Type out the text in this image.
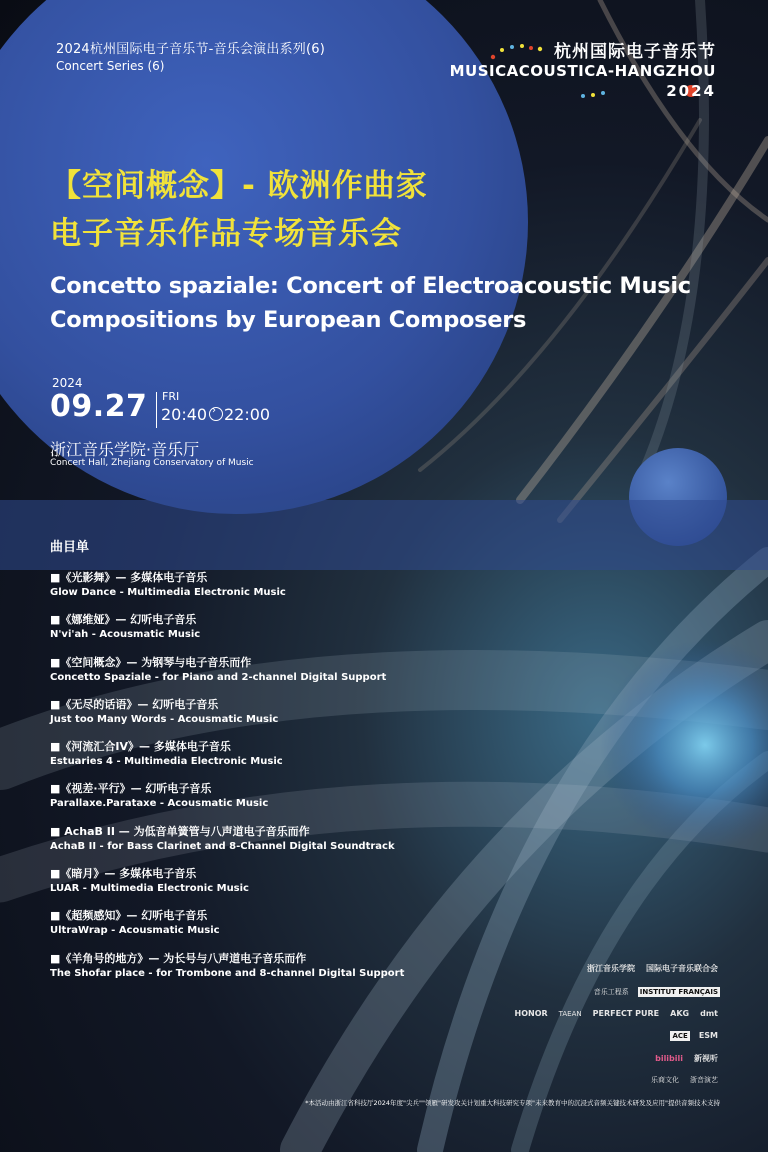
2024杭州国际电子音乐节-音乐会演出系列(6)
Concert Series (6)
杭州国际电子音乐节
MUSICACOUSTICA-HANGZHOU
2024
【空间概念】- 欧洲作曲家
电子音乐作品专场音乐会
Concetto spaziale: Concert of Electroacoustic Music
Compositions by European Composers
2024
09.27 FRI
20:40 › 22:00
浙江音乐学院·音乐厅
Concert Hall, Zhejiang Conservatory of Music
曲目单
■《光影舞》— 多媒体电子音乐
Glow Dance - Multimedia Electronic Music
■《娜维娅》— 幻听电子音乐
N'vi'ah - Acousmatic Music
■《空间概念》— 为钢琴与电子音乐而作
Concetto Spaziale - for Piano and 2-channel Digital Support
■《无尽的话语》— 幻听电子音乐
Just too Many Words - Acousmatic Music
■《河流汇合IV》— 多媒体电子音乐
Estuaries 4 - Multimedia Electronic Music
■《视差·平行》— 幻听电子音乐
Parallaxe.Parataxe - Acousmatic Music
■ AchaB II — 为低音单簧管与八声道电子音乐而作
AchaB II - for Bass Clarinet and 8-Channel Digital Soundtrack
■《暗月》— 多媒体电子音乐
LUAR - Multimedia Electronic Music
■《超频感知》— 幻听电子音乐
UltraWrap - Acousmatic Music
■《羊角号的地方》— 为长号与八声道电子音乐而作
The Shofar place - for Trombone and 8-channel Digital Support	浙江音乐学院 国际电子音乐联合会
音乐工程系 INSTITUT FRANÇAIS
HONOR TAEAN PERFECT PURE AKG dmt
ACE ESM
bilibili 新视听
乐商文化 浙音演艺
*本活动由浙江省科技厅2024年度"尖兵""领雁"研发攻关计划重大科技研究专项"未来教育中的沉浸式音频关键技术研发及应用"提供音频技术支持
